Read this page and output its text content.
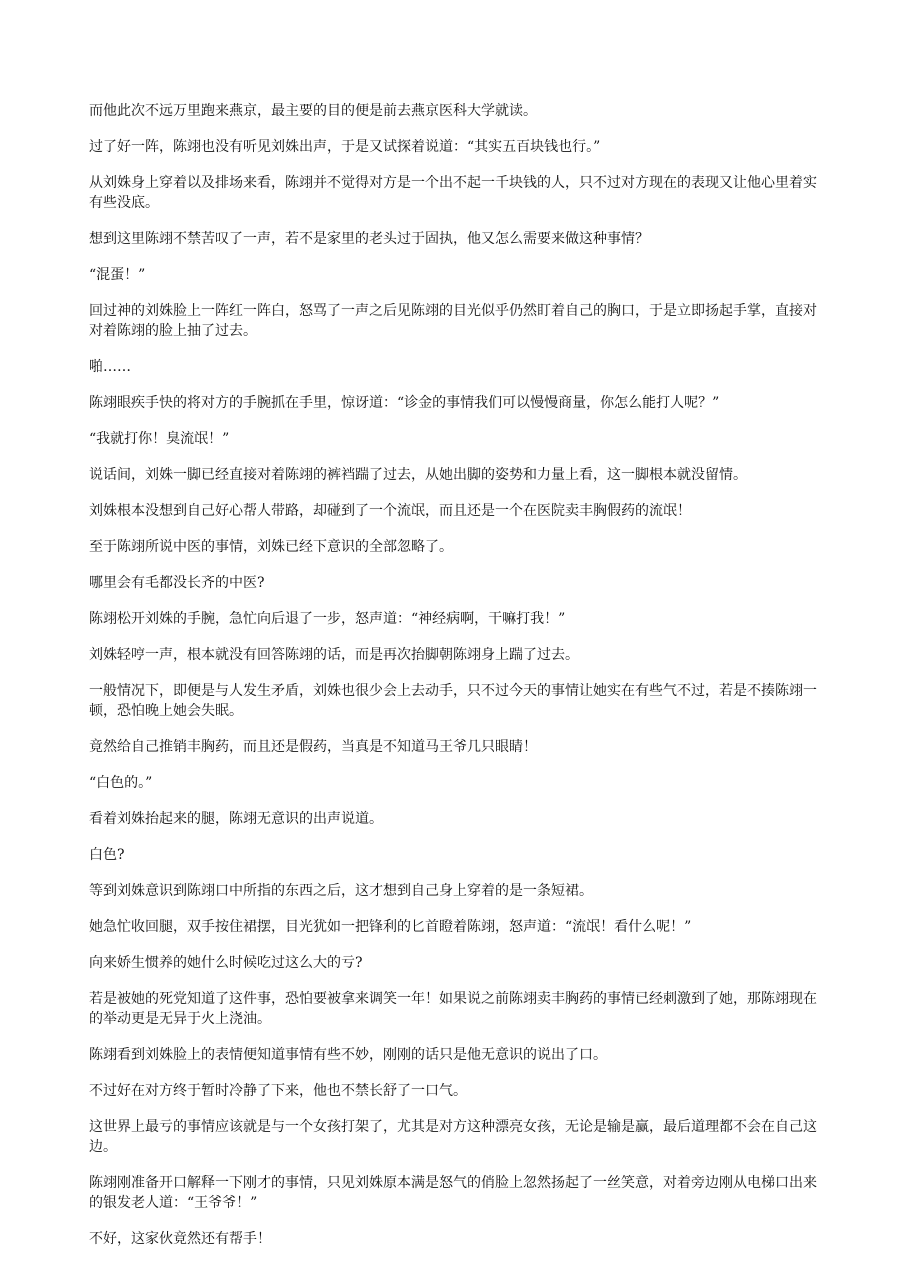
而他此次不远万里跑来燕京，最主要的目的便是前去燕京医科大学就读。

过了好一阵，陈翊也没有听见刘姝出声，于是又试探着说道：“其实五百块钱也行。”

从刘姝身上穿着以及排场来看，陈翊并不觉得对方是一个出不起一千块钱的人，只不过对方现在的表现又让他心里着实有些没底。

想到这里陈翊不禁苦叹了一声，若不是家里的老头过于固执，他又怎么需要来做这种事情？

“混蛋！”

回过神的刘姝脸上一阵红一阵白，怒骂了一声之后见陈翊的目光似乎仍然盯着自己的胸口，于是立即扬起手掌，直接对对着陈翊的脸上抽了过去。

啪……

陈翊眼疾手快的将对方的手腕抓在手里，惊讶道：“诊金的事情我们可以慢慢商量，你怎么能打人呢？”

“我就打你！臭流氓！”

说话间，刘姝一脚已经直接对着陈翊的裤裆踹了过去，从她出脚的姿势和力量上看，这一脚根本就没留情。

刘姝根本没想到自己好心帮人带路，却碰到了一个流氓，而且还是一个在医院卖丰胸假药的流氓！

至于陈翊所说中医的事情，刘姝已经下意识的全部忽略了。

哪里会有毛都没长齐的中医?

陈翊松开刘姝的手腕，急忙向后退了一步，怒声道：“神经病啊，干嘛打我！”

刘姝轻哼一声，根本就没有回答陈翊的话，而是再次抬脚朝陈翊身上踹了过去。

一般情况下，即便是与人发生矛盾，刘姝也很少会上去动手，只不过今天的事情让她实在有些气不过，若是不揍陈翊一顿，恐怕晚上她会失眠。

竟然给自己推销丰胸药，而且还是假药，当真是不知道马王爷几只眼睛！

“白色的。”

看着刘姝抬起来的腿，陈翊无意识的出声说道。

白色?

等到刘姝意识到陈翊口中所指的东西之后，这才想到自己身上穿着的是一条短裙。

她急忙收回腿，双手按住裙摆，目光犹如一把锋利的匕首瞪着陈翊，怒声道：“流氓！看什么呢！”

向来娇生惯养的她什么时候吃过这么大的亏?

若是被她的死党知道了这件事，恐怕要被拿来调笑一年！如果说之前陈翊卖丰胸药的事情已经刺激到了她，那陈翊现在的举动更是无异于火上浇油。

陈翊看到刘姝脸上的表情便知道事情有些不妙，刚刚的话只是他无意识的说出了口。

不过好在对方终于暂时冷静了下来，他也不禁长舒了一口气。

这世界上最亏的事情应该就是与一个女孩打架了，尤其是对方这种漂亮女孩，无论是输是赢，最后道理都不会在自己这边。

陈翊刚准备开口解释一下刚才的事情，只见刘姝原本满是怒气的俏脸上忽然扬起了一丝笑意，对着旁边刚从电梯口出来的银发老人道：“王爷爷！”

不好，这家伙竟然还有帮手！
